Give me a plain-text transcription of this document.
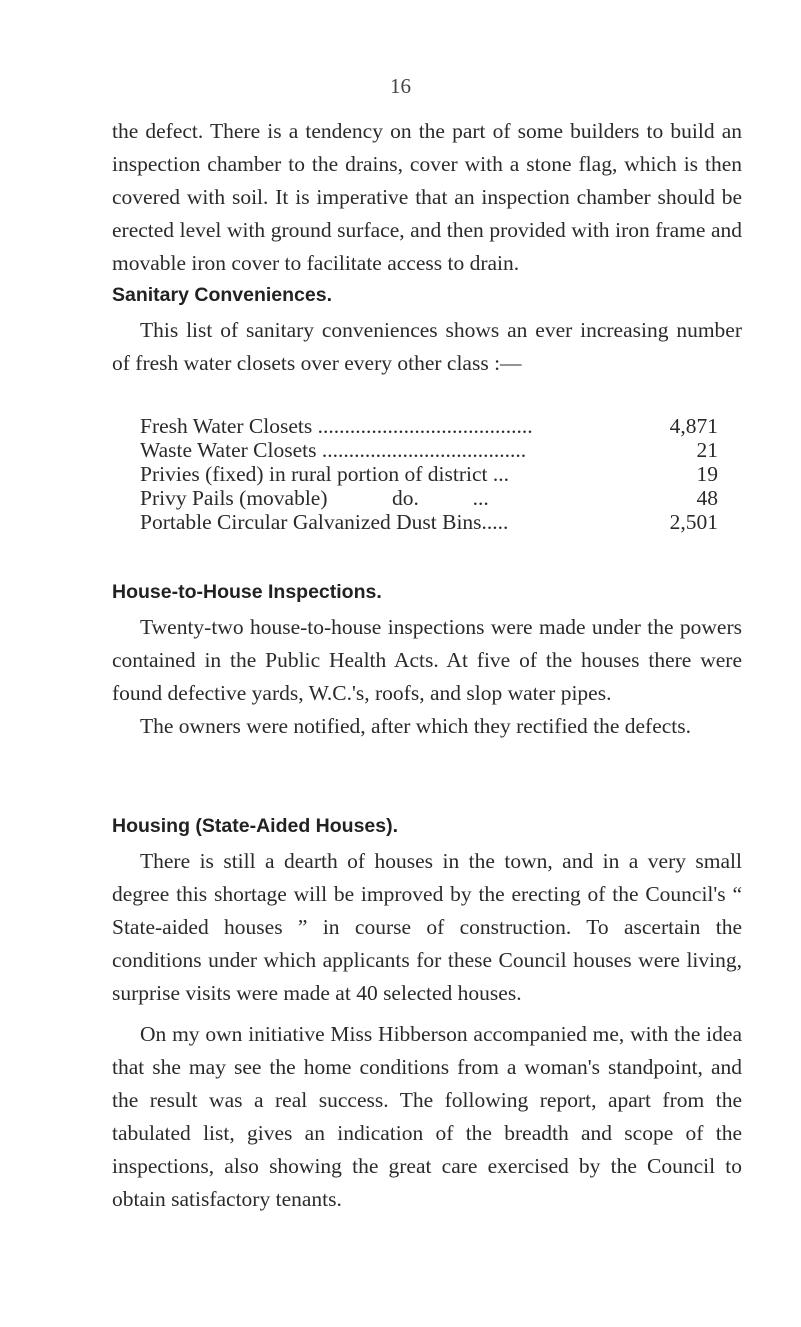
16

the defect. There is a tendency on the part of some builders to build an inspection chamber to the drains, cover with a stone flag, which is then covered with soil. It is imperative that an inspection chamber should be erected level with ground surface, and then provided with iron frame and movable iron cover to facilitate access to drain.

Sanitary Conveniences.

This list of sanitary conveniences shows an ever increasing number of fresh water closets over every other class :—

Fresh Water Closets ........................................	4,871
Waste Water Closets ......................................	21
Privies (fixed) in rural portion of district ...	19
Privy Pails (movable)            do.          ...	48
Portable Circular Galvanized Dust Bins.....	2,501
House-to-House Inspections.

Twenty-two house-to-house inspections were made under the powers contained in the Public Health Acts. At five of the houses there were found defective yards, W.C.'s, roofs, and slop water pipes.

The owners were notified, after which they rectified the defects.

Housing (State-Aided Houses).

There is still a dearth of houses in the town, and in a very small degree this shortage will be improved by the erecting of the Council's “ State-aided houses ” in course of construction. To ascertain the conditions under which applicants for these Council houses were living, surprise visits were made at 40 selected houses.

On my own initiative Miss Hibberson accompanied me, with the idea that she may see the home conditions from a woman's standpoint, and the result was a real success. The following report, apart from the tabulated list, gives an indication of the breadth and scope of the inspections, also showing the great care exercised by the Council to obtain satisfactory tenants.
